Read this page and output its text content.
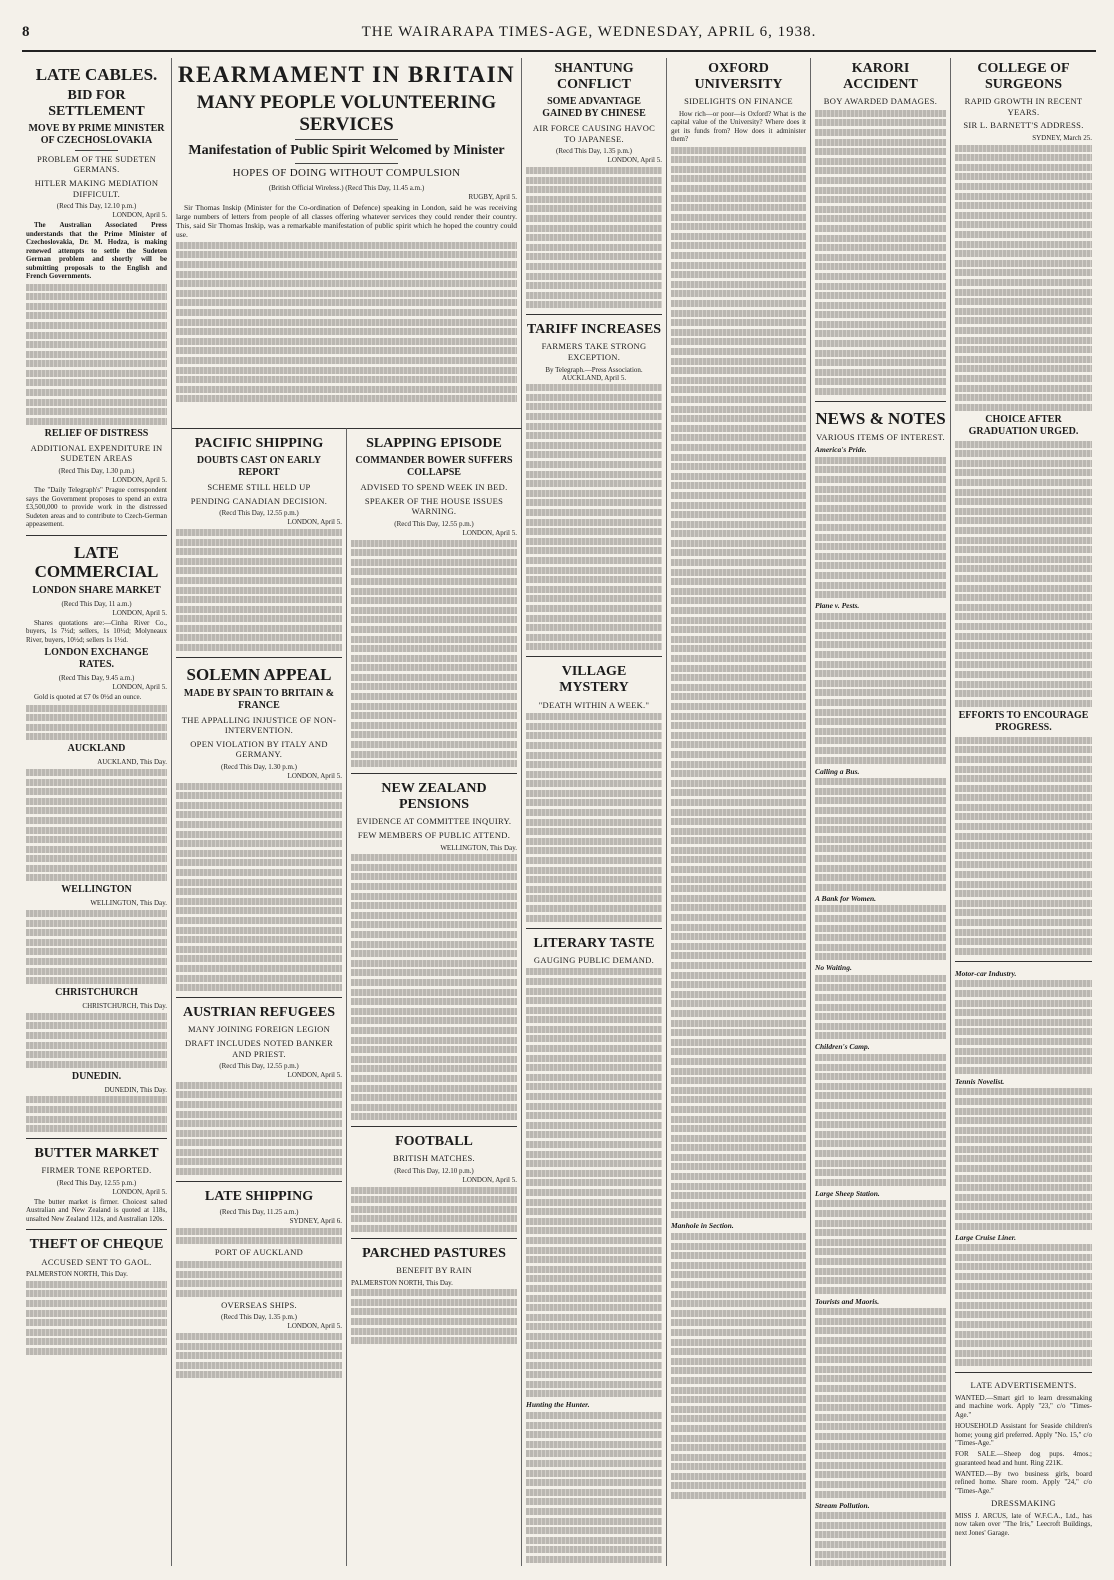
8	THE WAIRARAPA TIMES-AGE, WEDNESDAY, APRIL 6, 1938.
LATE CABLES.
BID FOR SETTLEMENT
MOVE BY PRIME MINISTER OF CZECHOSLOVAKIA
PROBLEM OF THE SUDETEN GERMANS.
HITLER MAKING MEDIATION DIFFICULT.
(Recd This Day, 12.10 p.m.)
LONDON, April 5.

The Australian Associated Press understands that the Prime Minister of Czechoslovakia, Dr. M. Hodza, is making renewed attempts to settle the Sudeten German problem and shortly will be submitting proposals to the English and French Governments.

RELIEF OF DISTRESS
ADDITIONAL EXPENDITURE IN SUDETEN AREAS
(Recd This Day, 1.30 p.m.)
LONDON, April 5.

The "Daily Telegraph's" Prague correspondent says the Government proposes to spend an extra £3,500,000 to provide work in the distressed Sudeten areas and to contribute to Czech-German appeasement.

LATE COMMERCIAL
LONDON SHARE MARKET
(Recd This Day, 11 a.m.)
LONDON, April 5.

Shares quotations are:—Cinha River Co., buyers, 1s 7½d; sellers, 1s 10½d; Molyneaux River, buyers, 10½d; sellers 1s 1½d.

LONDON EXCHANGE RATES.
(Recd This Day, 9.45 a.m.)
LONDON, April 5.

Gold is quoted at £7 0s 0½d an ounce.

AUCKLAND
AUCKLAND, This Day.
WELLINGTON
WELLINGTON, This Day.
CHRISTCHURCH
CHRISTCHURCH, This Day.
DUNEDIN.
DUNEDIN, This Day.
BUTTER MARKET
FIRMER TONE REPORTED.
(Recd This Day, 12.55 p.m.)
LONDON, April 5.

The butter market is firmer. Choicest salted Australian and New Zealand is quoted at 118s, unsalted New Zealand 112s, and Australian 120s.

THEFT OF CHEQUE
ACCUSED SENT TO GAOL.
PALMERSTON NORTH, This Day.
REARMAMENT IN BRITAIN
MANY PEOPLE VOLUNTEERING SERVICES
Manifestation of Public Spirit Welcomed by Minister
HOPES OF DOING WITHOUT COMPULSION
(British Official Wireless.) (Recd This Day, 11.45 a.m.)
RUGBY, April 5.

Sir Thomas Inskip (Minister for the Co-ordination of Defence) speaking in London, said he was receiving large numbers of letters from people of all classes offering whatever services they could render their country. This, said Sir Thomas Inskip, was a remarkable manifestation of public spirit which he hoped the country could use.

PACIFIC SHIPPING
DOUBTS CAST ON EARLY REPORT
SCHEME STILL HELD UP
PENDING CANADIAN DECISION.
(Recd This Day, 12.55 p.m.)
LONDON, April 5.
SOLEMN APPEAL
MADE BY SPAIN TO BRITAIN & FRANCE
THE APPALLING INJUSTICE OF NON-INTERVENTION.
OPEN VIOLATION BY ITALY AND GERMANY.
(Recd This Day, 1.30 p.m.)
LONDON, April 5.
AUSTRIAN REFUGEES
MANY JOINING FOREIGN LEGION
DRAFT INCLUDES NOTED BANKER AND PRIEST.
(Recd This Day, 12.55 p.m.)
LONDON, April 5.
LATE SHIPPING
(Recd This Day, 11.25 a.m.)
SYDNEY, April 6.
PORT OF AUCKLAND
OVERSEAS SHIPS.
(Recd This Day, 1.35 p.m.)
LONDON, April 5.
SLAPPING EPISODE
COMMANDER BOWER SUFFERS COLLAPSE
ADVISED TO SPEND WEEK IN BED.
SPEAKER OF THE HOUSE ISSUES WARNING.
(Recd This Day, 12.55 p.m.)
LONDON, April 5.
NEW ZEALAND PENSIONS
EVIDENCE AT COMMITTEE INQUIRY.
FEW MEMBERS OF PUBLIC ATTEND.
WELLINGTON, This Day.
FOOTBALL
BRITISH MATCHES.
(Recd This Day, 12.10 p.m.)
LONDON, April 5.
PARCHED PASTURES
BENEFIT BY RAIN
PALMERSTON NORTH, This Day.
SHANTUNG CONFLICT
SOME ADVANTAGE GAINED BY CHINESE
AIR FORCE CAUSING HAVOC TO JAPANESE.
(Recd This Day, 1.35 p.m.)
LONDON, April 5.
TARIFF INCREASES
FARMERS TAKE STRONG EXCEPTION.
By Telegraph.—Press Association. AUCKLAND, April 5.
VILLAGE MYSTERY
"DEATH WITHIN A WEEK."
LITERARY TASTE
GAUGING PUBLIC DEMAND.
Hunting the Hunter.
OXFORD UNIVERSITY
SIDELIGHTS ON FINANCE

How rich—or poor—is Oxford? What is the capital value of the University? Where does it get its funds from? How does it administer them?

Manhole in Section.
KARORI ACCIDENT
BOY AWARDED DAMAGES.
NEWS & NOTES
VARIOUS ITEMS OF INTEREST.
America's Pride.
Plane v. Pests.
Calling a Bus.
A Bank for Women.
No Waiting.
Children's Camp.
Large Sheep Station.
Tourists and Maoris.
Stream Pollution.
COLLEGE OF SURGEONS
RAPID GROWTH IN RECENT YEARS.
SIR L. BARNETT'S ADDRESS.
SYDNEY, March 25.
CHOICE AFTER GRADUATION URGED.
EFFORTS TO ENCOURAGE PROGRESS.
Motor-car Industry.
Tennis Novelist.
Large Cruise Liner.
LATE ADVERTISEMENTS.

WANTED.—Smart girl to learn dressmaking and machine work. Apply "23," c/o "Times-Age."

HOUSEHOLD Assistant for Seaside children's home; young girl preferred. Apply "No. 15," c/o "Times-Age."

FOR SALE.—Sheep dog pups. 4mos.; guaranteed head and hunt. Ring 221K.

WANTED.—By two business girls, board refined home. Share room. Apply "24," c/o "Times-Age."

DRESSMAKING

MISS J. ARCUS, late of W.F.C.A., Ltd., has now taken over "The Iris," Leecroft Buildings, next Jones' Garage.
